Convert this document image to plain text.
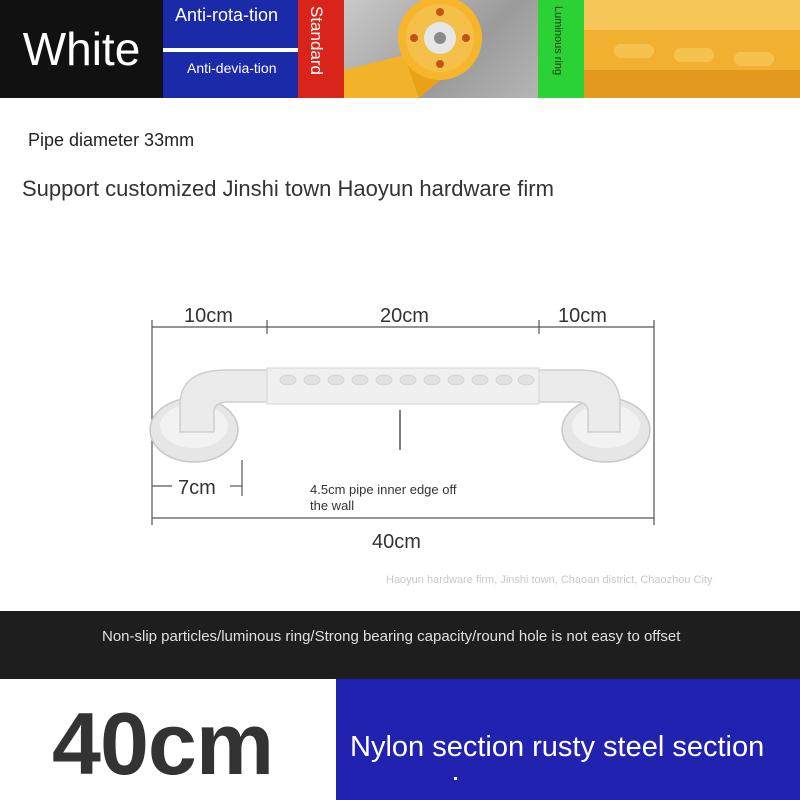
White
Anti-rota-tion
Anti-devia-tion	Standard	Luminous ring
Pipe diameter 33mm
Support customized Jinshi town Haoyun hardware firm
10cm	20cm	10cm
4.5cm pipe inner edge off
the wall
7cm
40cm
Haoyun hardware firm, Jinshi town, Chaoan district, Chaozhou City
Non-slip particles/luminous ring/Strong bearing capacity/round hole is not easy to offset
40cm	Nylon section rusty steel section
